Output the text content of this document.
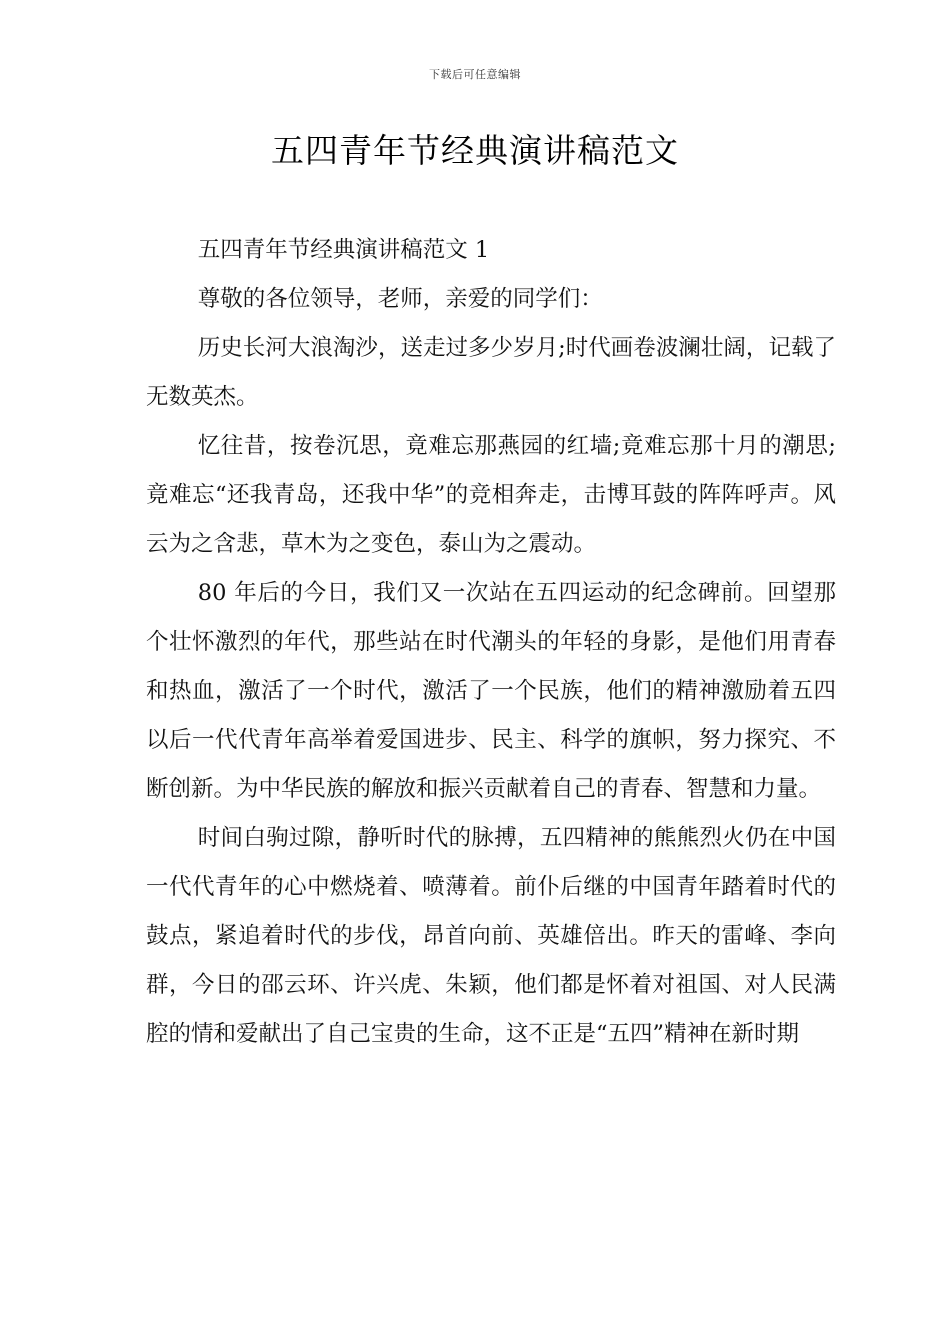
下载后可任意编辑
五四青年节经典演讲稿范文

五四青年节经典演讲稿范文 1

尊敬的各位领导，老师，亲爱的同学们：

历史长河大浪淘沙，送走过多少岁月;时代画卷波澜壮阔，记载了无数英杰。

忆往昔，按卷沉思，竟难忘那燕园的红墙;竟难忘那十月的潮思;竟难忘“还我青岛，还我中华”的竞相奔走，击博耳鼓的阵阵呼声。风云为之含悲，草木为之变色，泰山为之震动。

80 年后的今日，我们又一次站在五四运动的纪念碑前。回望那个壮怀激烈的年代，那些站在时代潮头的年轻的身影，是他们用青春和热血，激活了一个时代，激活了一个民族，他们的精神激励着五四以后一代代青年高举着爱国进步、民主、科学的旗帜，努力探究、不断创新。为中华民族的解放和振兴贡献着自己的青春、智慧和力量。

时间白驹过隙，静听时代的脉搏，五四精神的熊熊烈火仍在中国一代代青年的心中燃烧着、喷薄着。前仆后继的中国青年踏着时代的鼓点，紧追着时代的步伐，昂首向前、英雄倍出。昨天的雷峰、李向群，今日的邵云环、许兴虎、朱颖，他们都是怀着对祖国、对人民满腔的情和爱献出了自己宝贵的生命，这不正是“五四”精神在新时期
